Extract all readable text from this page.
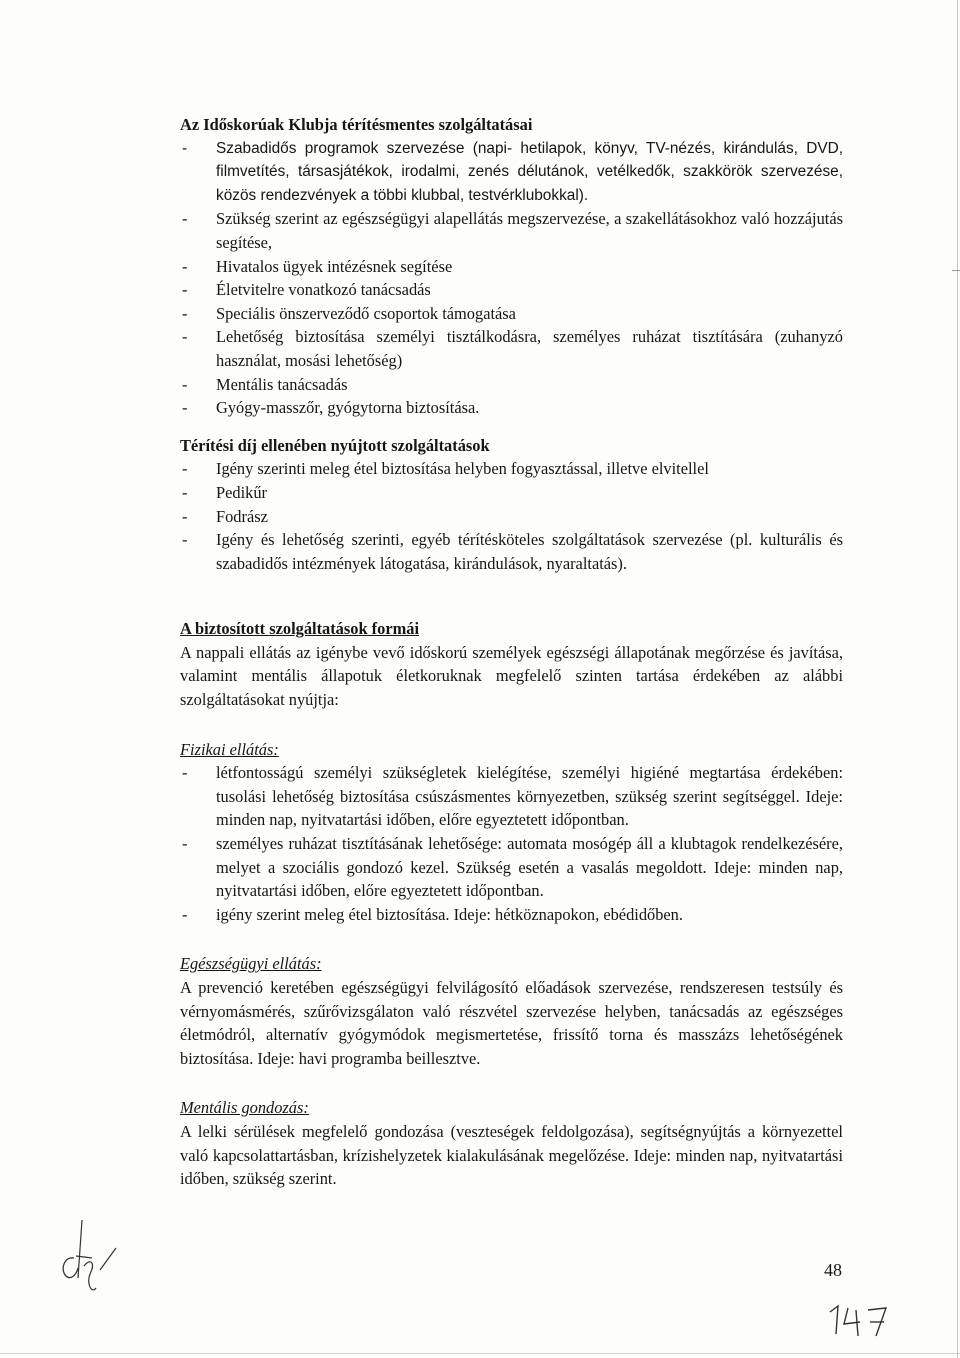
Az Időskorúak Klubja térítésmentes szolgáltatásai

- Szabadidős programok szervezése (napi- hetilapok, könyv, TV-nézés, kirándulás, DVD, filmvetítés, társasjátékok, irodalmi, zenés délutánok, vetélkedők, szakkörök szervezése, közös rendezvények a többi klubbal, testvérklubokkal).
- Szükség szerint az egészségügyi alapellátás megszervezése, a szakellátásokhoz való hozzájutás segítése,
- Hivatalos ügyek intézésnek segítése
- Életvitelre vonatkozó tanácsadás
- Speciális önszerveződő csoportok támogatása
- Lehetőség biztosítása személyi tisztálkodásra, személyes ruházat tisztítására (zuhanyzó használat, mosási lehetőség)
- Mentális tanácsadás
- Gyógy-masszőr, gyógytorna biztosítása.

Térítési díj ellenében nyújtott szolgáltatások

- Igény szerinti meleg étel biztosítása helyben fogyasztással, illetve elvitellel
- Pedikűr
- Fodrász
- Igény és lehetőség szerinti, egyéb térítésköteles szolgáltatások szervezése (pl. kulturális és szabadidős intézmények látogatása, kirándulások, nyaraltatás).

A biztosított szolgáltatások formái

A nappali ellátás az igénybe vevő időskorú személyek egészségi állapotának megőrzése és javítása, valamint mentális állapotuk életkoruknak megfelelő szinten tartása érdekében az alábbi szolgáltatásokat nyújtja:

Fizikai ellátás:

- létfontosságú személyi szükségletek kielégítése, személyi higiéné megtartása érdekében: tusolási lehetőség biztosítása csúszásmentes környezetben, szükség szerint segítséggel. Ideje: minden nap, nyitvatartási időben, előre egyeztetett időpontban.
- személyes ruházat tisztításának lehetősége: automata mosógép áll a klubtagok rendelkezésére, melyet a szociális gondozó kezel. Szükség esetén a vasalás megoldott. Ideje: minden nap, nyitvatartási időben, előre egyeztetett időpontban.
- igény szerint meleg étel biztosítása. Ideje: hétköznapokon, ebédidőben.

Egészségügyi ellátás:

A prevenció keretében egészségügyi felvilágosító előadások szervezése, rendszeresen testsúly és vérnyomásmérés, szűrővizsgálaton való részvétel szervezése helyben, tanácsadás az egészséges életmódról, alternatív gyógymódok megismertetése, frissítő torna és masszázs lehetőségének biztosítása. Ideje: havi programba beillesztve.

Mentális gondozás:

A lelki sérülések megfelelő gondozása (veszteségek feldolgozása), segítségnyújtás a környezettel való kapcsolattartásban, krízishelyzetek kialakulásának megelőzése. Ideje: minden nap, nyitvatartási időben, szükség szerint.

48
147
